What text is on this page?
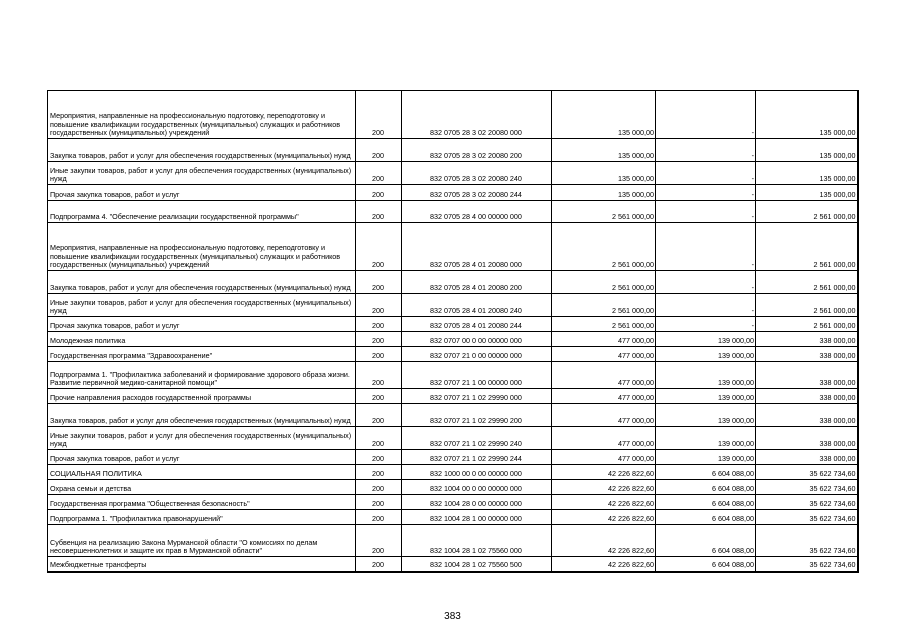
Мероприятия, направленные на профессиональную подготовку, переподготовку и повышение квалификации государственных (муниципальных) служащих и работников государственных (муниципальных) учреждений	200	832 0705 28 3 02 20080 000	135 000,00	-	135 000,00
Закупка товаров, работ и услуг для обеспечения государственных (муниципальных) нужд	200	832 0705 28 3 02 20080 200	135 000,00	-	135 000,00
Иные закупки товаров, работ и услуг для обеспечения государственных (муниципальных) нужд	200	832 0705 28 3 02 20080 240	135 000,00	-	135 000,00
Прочая закупка товаров, работ и услуг	200	832 0705 28 3 02 20080 244	135 000,00	-	135 000,00
Подпрограмма 4. "Обеспечение реализации государственной программы"	200	832 0705 28 4 00 00000 000	2 561 000,00	-	2 561 000,00
Мероприятия, направленные на профессиональную подготовку, переподготовку и повышение квалификации государственных (муниципальных) служащих и работников государственных (муниципальных) учреждений	200	832 0705 28 4 01 20080 000	2 561 000,00	-	2 561 000,00
Закупка товаров, работ и услуг для обеспечения государственных (муниципальных) нужд	200	832 0705 28 4 01 20080 200	2 561 000,00	-	2 561 000,00
Иные закупки товаров, работ и услуг для обеспечения государственных (муниципальных) нужд	200	832 0705 28 4 01 20080 240	2 561 000,00	-	2 561 000,00
Прочая закупка товаров, работ и услуг	200	832 0705 28 4 01 20080 244	2 561 000,00	-	2 561 000,00
Молодежная политика	200	832 0707 00 0 00 00000 000	477 000,00	139 000,00	338 000,00
Государственная программа "Здравоохранение"	200	832 0707 21 0 00 00000 000	477 000,00	139 000,00	338 000,00
Подпрограмма 1. "Профилактика заболеваний и формирование здорового образа жизни. Развитие первичной медико-санитарной помощи"	200	832 0707 21 1 00 00000 000	477 000,00	139 000,00	338 000,00
Прочие направления расходов государственной программы	200	832 0707 21 1 02 29990 000	477 000,00	139 000,00	338 000,00
Закупка товаров, работ и услуг для обеспечения государственных (муниципальных) нужд	200	832 0707 21 1 02 29990 200	477 000,00	139 000,00	338 000,00
Иные закупки товаров, работ и услуг для обеспечения государственных (муниципальных) нужд	200	832 0707 21 1 02 29990 240	477 000,00	139 000,00	338 000,00
Прочая закупка товаров, работ и услуг	200	832 0707 21 1 02 29990 244	477 000,00	139 000,00	338 000,00
СОЦИАЛЬНАЯ ПОЛИТИКА	200	832 1000 00 0 00 00000 000	42 226 822,60	6 604 088,00	35 622 734,60
Охрана семьи и детства	200	832 1004 00 0 00 00000 000	42 226 822,60	6 604 088,00	35 622 734,60
Государственная программа "Общественная безопасность"	200	832 1004 28 0 00 00000 000	42 226 822,60	6 604 088,00	35 622 734,60
Подпрограмма 1. "Профилактика правонарушений"	200	832 1004 28 1 00 00000 000	42 226 822,60	6 604 088,00	35 622 734,60
Субвенция на реализацию Закона Мурманской области "О комиссиях по делам несовершеннолетних и защите их прав в Мурманской области"	200	832 1004 28 1 02 75560 000	42 226 822,60	6 604 088,00	35 622 734,60
Межбюджетные трансферты	200	832 1004 28 1 02 75560 500	42 226 822,60	6 604 088,00	35 622 734,60
383
